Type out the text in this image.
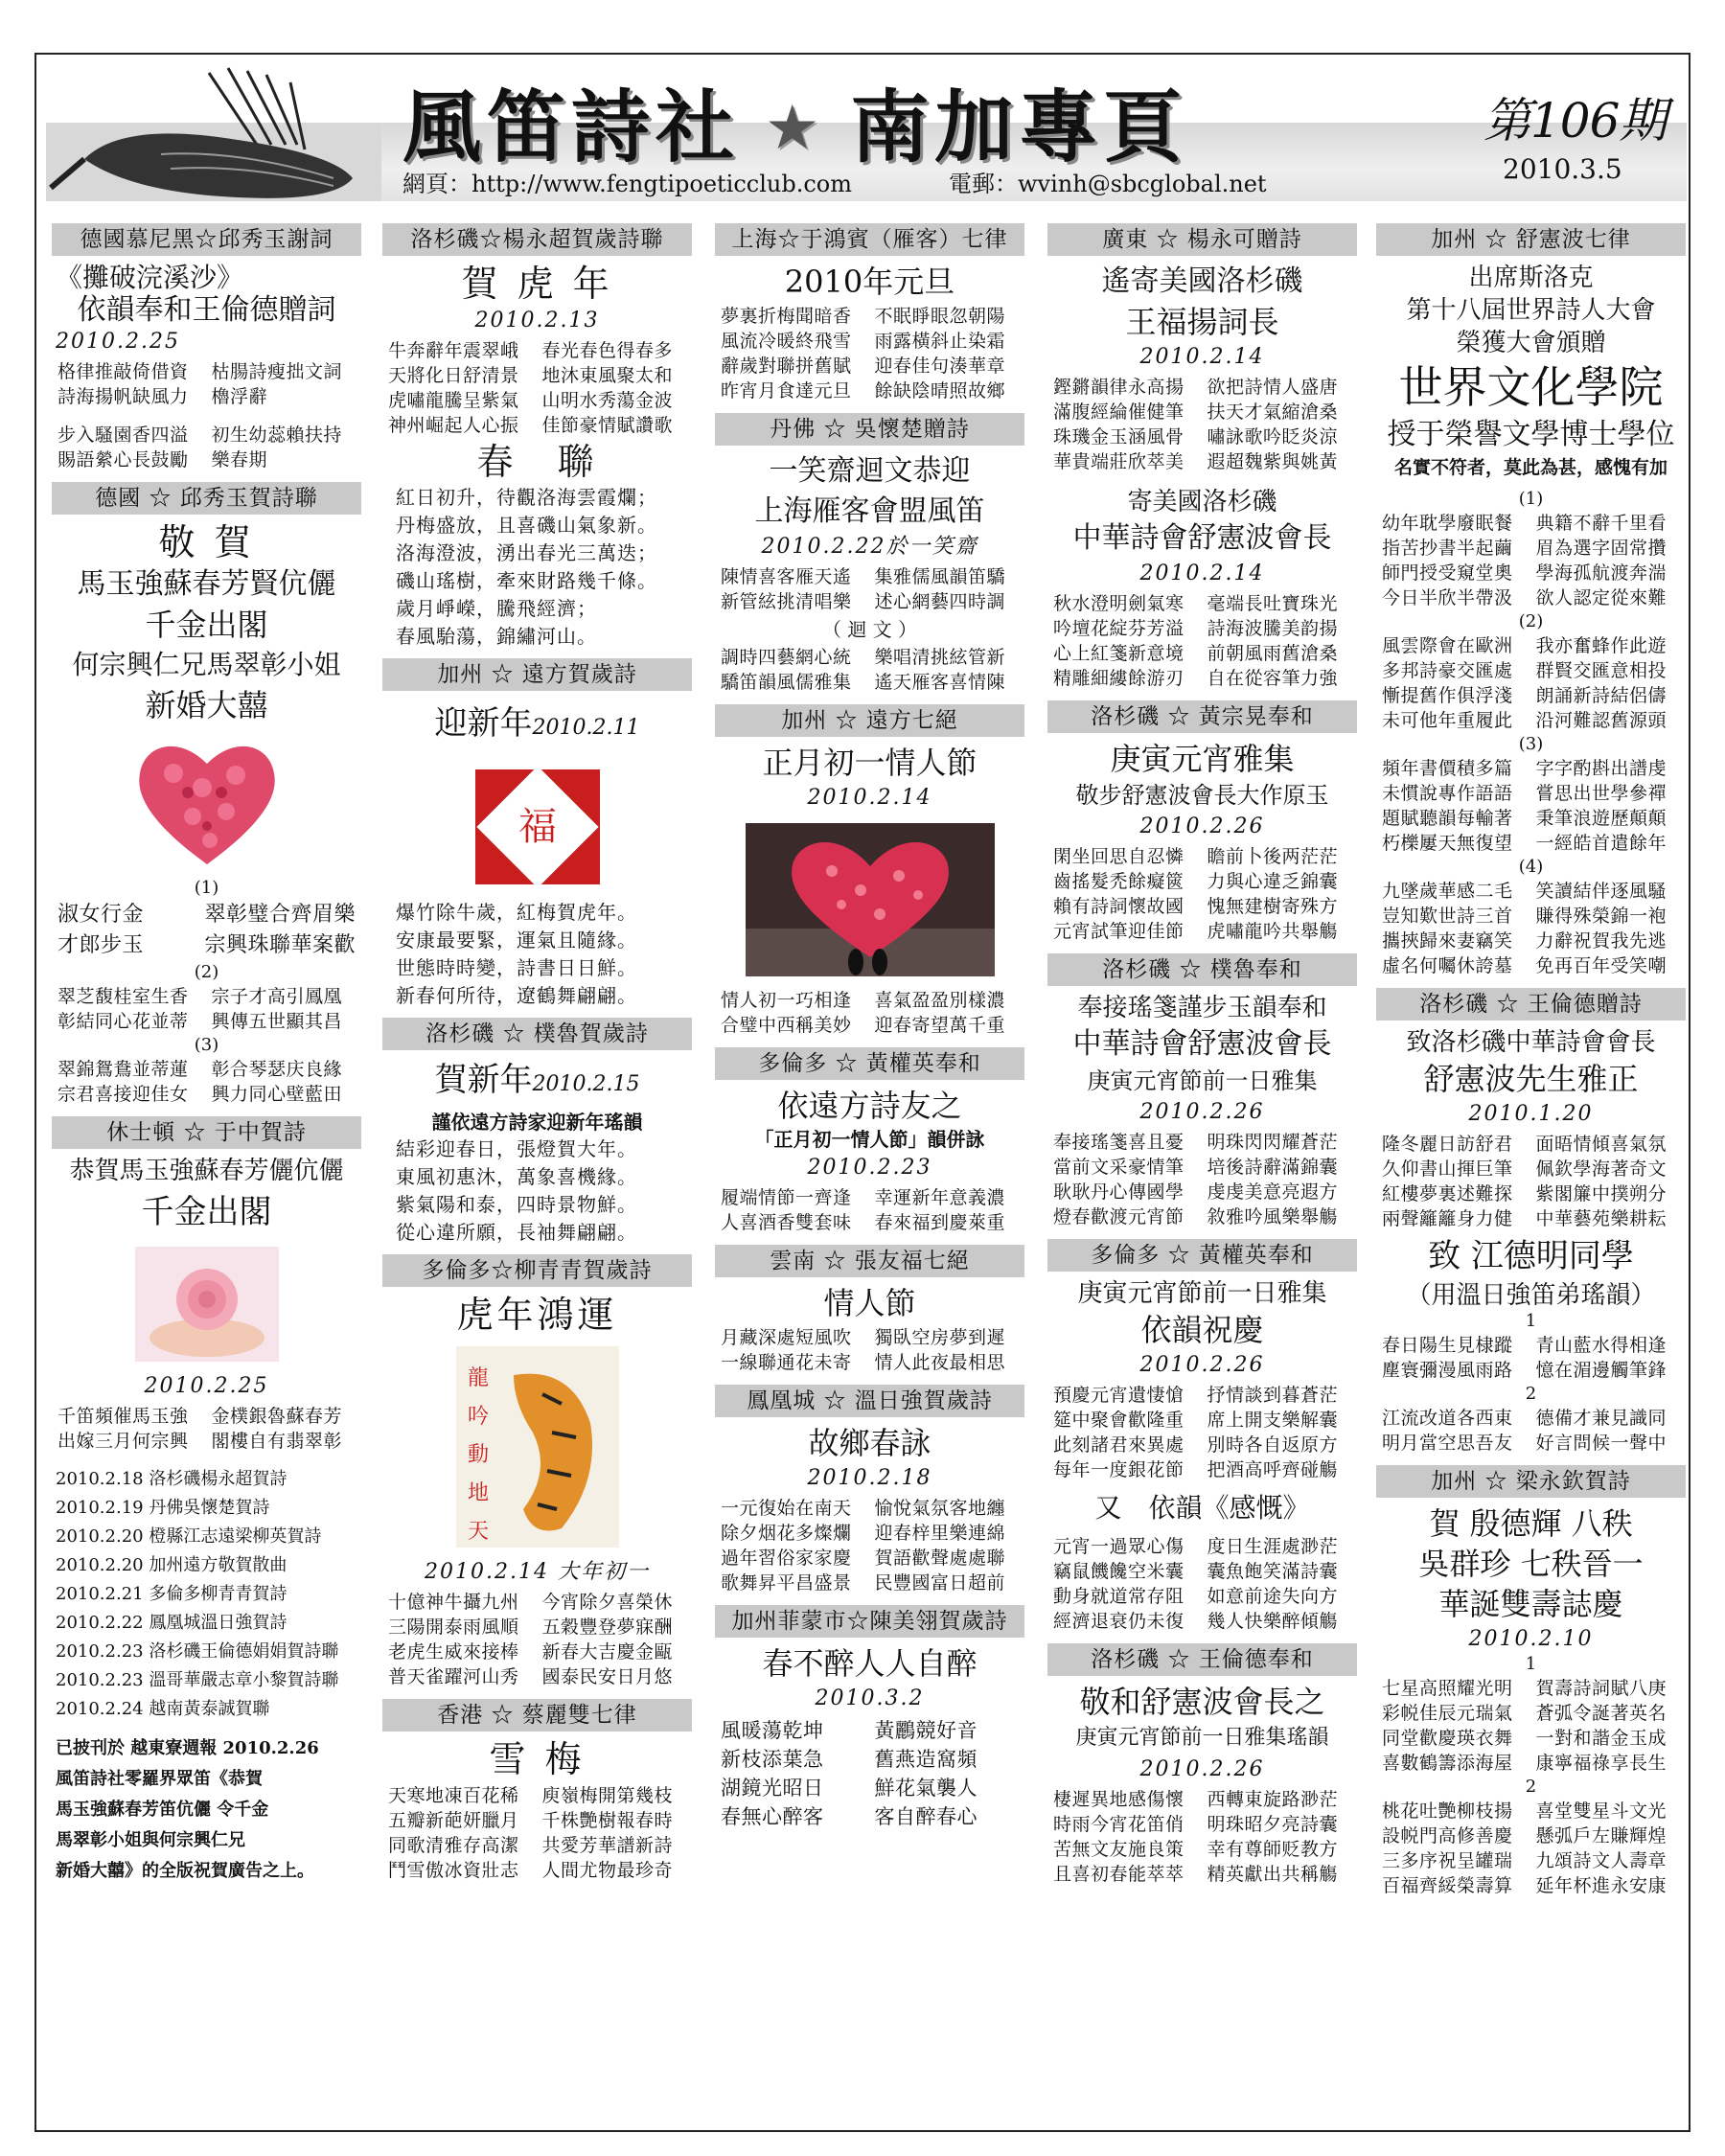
風笛詩社 ★ 南加專頁	第106期
2010.3.5
網頁：http://www.fengtipoeticclub.com	電郵：wvinh@sbcglobal.net
德國慕尼黑☆邱秀玉謝詞
《攤破浣溪沙》
依韻奉和王倫德贈詞
2010.2.25
格律推敲倚借資	枯腸詩瘦拙文詞
詩海揚帆缺風力	櫓浮辭
步入騷園香四溢	初生幼蕊賴扶持
賜語縈心長鼓勵	樂春期
德國 ☆ 邱秀玉賀詩聯
敬 賀
馬玉強蘇春芳賢伉儷
千金出閣
何宗興仁兄馬翠彰小姐
新婚大囍
(1)
淑女行金	翠彰璧合齊眉樂
才郎步玉	宗興珠聯華案歡
(2)
翠芝馥桂室生香	宗子才高引鳳凰
彰結同心花並蒂	興傳五世顯其昌
(3)
翠錦鴛鴦並蒂蓮	彰合琴瑟庆良緣
宗君喜接迎佳女	興力同心壁藍田
休士頓 ☆ 于中賀詩
恭賀馬玉強蘇春芳儷伉儷
千金出閣
2010.2.25
千笛頻催馬玉強	金樸銀魯蘇春芳
出嫁三月何宗興	閣樓自有翡翠彰
2010.2.18 洛杉磯楊永超賀詩
2010.2.19 丹佛吳懷楚賀詩
2010.2.20 橙縣江志遠梁柳英賀詩
2010.2.20 加州遠方敬賀散曲
2010.2.21 多倫多柳青青賀詩
2010.2.22 鳳凰城溫日強賀詩
2010.2.23 洛杉磯王倫德娟娟賀詩聯
2010.2.23 溫哥華嚴志章小黎賀詩聯
2010.2.24 越南黃泰誠賀聯
已披刊於 越東寮週報 2010.2.26
風笛詩社零羅界眾笛《恭賀
馬玉強蘇春芳笛伉儷 令千金
馬翠彰小姐與何宗興仁兄
新婚大囍》的全版祝賀廣告之上。
洛杉磯☆楊永超賀歲詩聯
賀 虎 年
2010.2.13
牛奔辭年震翠峨	春光春色得春多
天將化日舒清景	地沐東風聚太和
虎嘯龍騰呈紫氣	山明水秀蕩金波
神州崛起人心振	佳節豪情賦讚歌
春　聯
紅日初升，待觀洛海雲霞爛；
丹梅盛放，且喜磯山氣象新。
洛海澄波，湧出春光三萬迭；
磯山瑤樹，牽來財路幾千條。
歲月崢嶸，騰飛經濟；
春風駘蕩，錦繡河山。
加州 ☆ 遠方賀歲詩
迎新年2010.2.11
福
爆竹除牛歲，紅梅賀虎年。
安康最要緊，運氣且隨緣。
世態時時變，詩書日日鮮。
新春何所待，遼鶴舞翩翩。
洛杉磯 ☆ 樸魯賀歲詩
賀新年2010.2.15
謹依遠方詩家迎新年瑤韻
結彩迎春日，張燈賀大年。
東風初惠沐，萬象喜機緣。
紫氣陽和泰，四時景物鮮。
從心違所願，長袖舞翩翩。
多倫多☆柳青青賀歲詩
虎年鴻運
龍
吟
動
地
天
2010.2.14 大年初一
十億神牛攝九州	今宵除夕喜榮休
三陽開泰雨風順	五穀豐登夢寐酬
老虎生威來接棒	新春大吉慶金甌
普天雀躍河山秀	國泰民安日月悠
香港 ☆ 蔡麗雙七律
雪 梅
天寒地凍百花稀	庾嶺梅開第幾枝
五瓣新葩妍臘月	千株艷樹報春時
同歌清雅存高潔	共愛芳華譜新詩
鬥雪傲冰資壯志	人間尤物最珍奇
上海☆于鴻賓（雁客）七律
2010年元旦
夢裏折梅聞暗香	不眠睜眼忽朝陽
風流冷暖終飛雪	雨露橫斜止染霜
辭歲對聯拼舊賦	迎春佳句湊華章
昨宵月食達元旦	餘缺陰晴照故鄉
丹佛 ☆ 吳懷楚贈詩
一笑齋迴文恭迎
上海雁客會盟風笛
2010.2.22於一笑齋
陳情喜客雁天遙	集雅儒風韻笛驕
新管絃挑清唱樂	述心網藝四時調
（ 迴 文 ）
調時四藝網心統	樂唱清挑絃管新
驕笛韻風儒雅集	遙天雁客喜情陳
加州 ☆ 遠方七絕
正月初一情人節
2010.2.14
情人初一巧相逢	喜氣盈盈別樣濃
合璧中西稱美妙	迎春寄望萬千重
多倫多 ☆ 黃權英奉和
依遠方詩友之
「正月初一情人節」韻併詠
2010.2.23
履端情節一齊逢	幸運新年意義濃
人喜酒香雙套味	春來福到慶萊重
雲南 ☆ 張友福七絕
情人節
月藏深處短風吹	獨臥空房夢到遲
一線聯通花未寄	情人此夜最相思
鳳凰城 ☆ 溫日強賀歲詩
故鄉春詠
2010.2.18
一元復始在南天	愉悅氣氛客地纏
除夕烟花多燦爛	迎春梓里樂連綿
過年習俗家家慶	賀語歡聲處處聯
歌舞昇平昌盛景	民豐國富日超前
加州菲蒙市☆陳美翎賀歲詩
春不醉人人自醉
2010.3.2
風暖蕩乾坤	黃鸝競好音
新枝添葉急	舊燕造窩頻
湖鏡光昭日	鮮花氣襲人
春無心醉客	客自醉春心
廣東 ☆ 楊永可贈詩
遙寄美國洛杉磯
王福揚詞長
2010.2.14
鏗鏘韻律永高揚	欲把詩情人盛唐
滿腹經綸催健筆	扶天才氣縮滄桑
珠璣金玉涵風骨	嘯詠歌吟眨炎涼
華貴端莊欣萃美	遐超魏紫與姚黃
寄美國洛杉磯
中華詩會舒憲波會長
2010.2.14
秋水澄明劍氣寒	毫端長吐寶珠光
吟壇花綻芬芳溢	詩海波騰美韵揚
心上紅箋新意境	前朝風雨舊滄桑
精雕細縷餘游刃	自在從容筆力強
洛杉磯 ☆ 黃宗晃奉和
庚寅元宵雅集
敬步舒憲波會長大作原玉
2010.2.26
閑坐回思自忍憐	瞻前卜後两茫茫
齒搖髮禿餘癡篋	力與心違乏錦囊
賴有詩詞懷故國	愧無建樹寄殊方
元宵試筆迎佳節	虎嘯龍吟共舉觴
洛杉磯 ☆ 樸魯奉和
奉接瑤箋謹步玉韻奉和
中華詩會舒憲波會長
庚寅元宵節前一日雅集
2010.2.26
奉接瑤箋喜且憂	明珠閃閃耀蒼茫
當前文采豪情筆	培後詩辭滿錦囊
耿耿丹心傳國學	虔虔美意亮遐方
燈春歡渡元宵節	敘雅吟風樂舉觴
多倫多 ☆ 黃權英奉和
庚寅元宵節前一日雅集
依韻祝慶
2010.2.26
預慶元宵遺悽愴	抒情談到暮蒼茫
筵中聚會歡隆重	席上開支樂解囊
此刻諸君來異處	別時各自返原方
每年一度銀花節	把酒高呼齊碰觴
又　依韻《感慨》
元宵一過眾心傷	度日生涯處渺茫
竊鼠饑饞空米囊	囊魚飽笑滿詩囊
動身就道常存阻	如意前途失向方
經濟退衰仍未復	幾人快樂醉傾觴
洛杉磯 ☆ 王倫德奉和
敬和舒憲波會長之
庚寅元宵節前一日雅集瑤韻
2010.2.26
棲遲異地感傷懷	西轉東旋路渺茫
時雨今宵花笛俏	明珠昭夕亮詩囊
苦無文友施良策	幸有尊師贬教方
且喜初春能萃萃	精英獻出共稱觴
加州 ☆ 舒憲波七律
出席斯洛克
第十八屆世界詩人大會
榮獲大會頒贈
世界文化學院
授于榮譽文學博士學位
名實不符者，莫此為甚，感愧有加
(1)
幼年耽學廢眠餐	典籍不辭千里看
指苦抄書半起繭	眉為選字固常攢
師門授受窺堂奧	學海孤航渡奔湍
今日半欣半帶汲	欲人認定從來難
(2)
風雲際會在歐洲	我亦奮蜂作此遊
多邦詩豪交匯處	群賢交匯意相投
慚提舊作俱浮淺	朗誦新詩結侶儔
未可他年重履此	沿河難認舊源頭
(3)
頻年書價積多篇	字字酌斟出譜虔
未慣說專作語語	嘗思出世學參禪
題賦聽韻每輸著	秉筆浪遊歷顛顛
朽櫟屢天無復望	一經皓首遣餘年
(4)
九墜歲華感二毛	笑讀結伴逐風騷
豈知歎世詩三首	賺得殊榮錦一袍
攜挾歸來妻竊笑	力辭祝賀我先逃
虛名何囑休誇墓	免再百年受笑嘲
洛杉磯 ☆ 王倫德贈詩
致洛杉磯中華詩會會長
舒憲波先生雅正
2010.1.20
隆冬麗日訪舒君	面晤情傾喜氣氛
久仰書山揮巨筆	佩欽學海著奇文
紅樓夢裏述難探	紫閣簾中撲朔分
兩聲籬籬身力健	中華藝苑樂耕耘
致 江德明同學
（用溫日強笛弟瑤韻）
1
春日陽生見棣蹤	青山藍水得相逢
塵寰彌漫風雨路	憶在湄邊觸筆鋒
2
江流改道各西東	德備才兼見識同
明月當空思吾友	好言問候一聲中
加州 ☆ 梁永欽賀詩
賀 殷德輝 八秩
吳群珍 七秩晉一
華誕雙壽誌慶
2010.2.10
1
七星高照耀光明	賀壽詩詞賦八庚
彩帨佳辰元瑞氣	蒼弧令誕著英名
同堂歡慶瑛衣舞	一對和諧金玉成
喜數鶴籌添海屋	康寧福祿享長生
2
桃花吐艷柳枝揚	喜堂雙星斗文光
設帨門高修善慶	懸弧戶左賺輝煌
三多序祝呈罐瑞	九頌詩文人壽章
百福齊綏榮壽算	延年杯進永安康
